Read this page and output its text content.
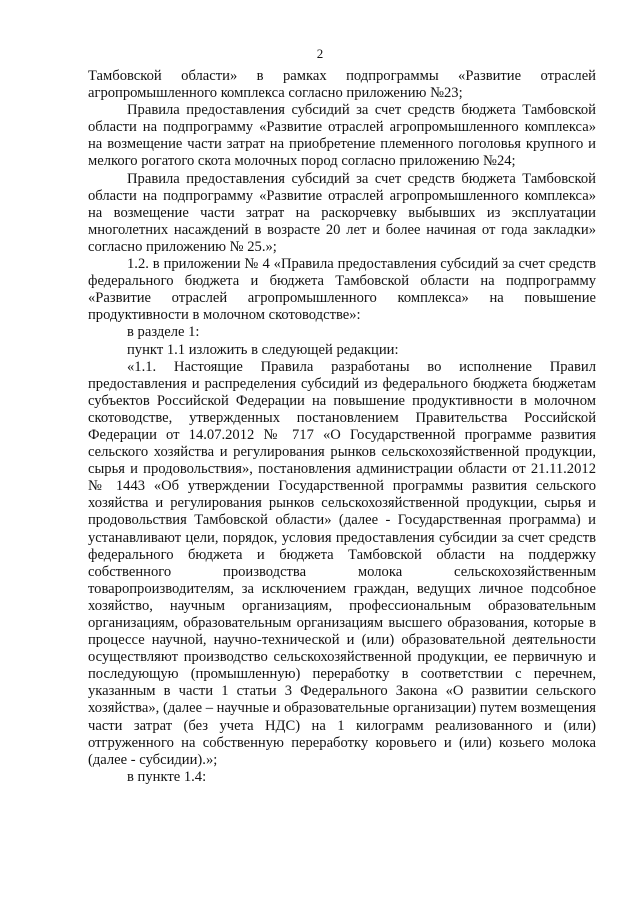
2

Тамбовской области» в рамках подпрограммы «Развитие отраслей агропромышленного комплекса согласно приложению №23;

Правила предоставления субсидий за счет средств бюджета Тамбовской области на подпрограмму «Развитие отраслей агропромышленного комплекса» на возмещение части затрат на приобретение племенного поголовья крупного и мелкого рогатого скота молочных пород согласно приложению №24;

Правила предоставления субсидий за счет средств бюджета Тамбовской области на подпрограмму «Развитие отраслей агропромышленного комплекса» на возмещение части затрат на раскорчевку выбывших из эксплуатации многолетних насаждений в возрасте 20 лет и более начиная от года закладки» согласно приложению № 25.»;

1.2. в приложении № 4 «Правила предоставления субсидий за счет средств федерального бюджета и бюджета Тамбовской области на подпрограмму «Развитие отраслей агропромышленного комплекса» на повышение продуктивности в молочном скотоводстве»:

в разделе 1:

пункт 1.1 изложить в следующей редакции:

«1.1. Настоящие Правила разработаны во исполнение Правил предоставления и распределения субсидий из федерального бюджета бюджетам субъектов Российской Федерации на повышение продуктивности в молочном скотоводстве, утвержденных постановлением Правительства Российской Федерации от 14.07.2012 № 717 «О Государственной программе развития сельского хозяйства и регулирования рынков сельскохозяйственной продукции, сырья и продовольствия», постановления администрации области от 21.11.2012 № 1443 «Об утверждении Государственной программы развития сельского хозяйства и регулирования рынков сельскохозяйственной продукции, сырья и продовольствия Тамбовской области» (далее - Государственная программа) и устанавливают цели, порядок, условия предоставления субсидии за счет средств федерального бюджета и бюджета Тамбовской области на поддержку собственного производства молока сельскохозяйственным товаропроизводителям, за исключением граждан, ведущих личное подсобное хозяйство, научным организациям, профессиональным образовательным организациям, образовательным организациям высшего образования, которые в процессе научной, научно-технической и (или) образовательной деятельности осуществляют производство сельскохозяйственной продукции, ее первичную и последующую (промышленную) переработку в соответствии с перечнем, указанным в части 1 статьи 3 Федерального Закона «О развитии сельского хозяйства», (далее – научные и образовательные организации) путем возмещения части затрат (без учета НДС) на 1 килограмм реализованного и (или) отгруженного на собственную переработку коровьего и (или) козьего молока (далее - субсидии).»;

в пункте 1.4:
